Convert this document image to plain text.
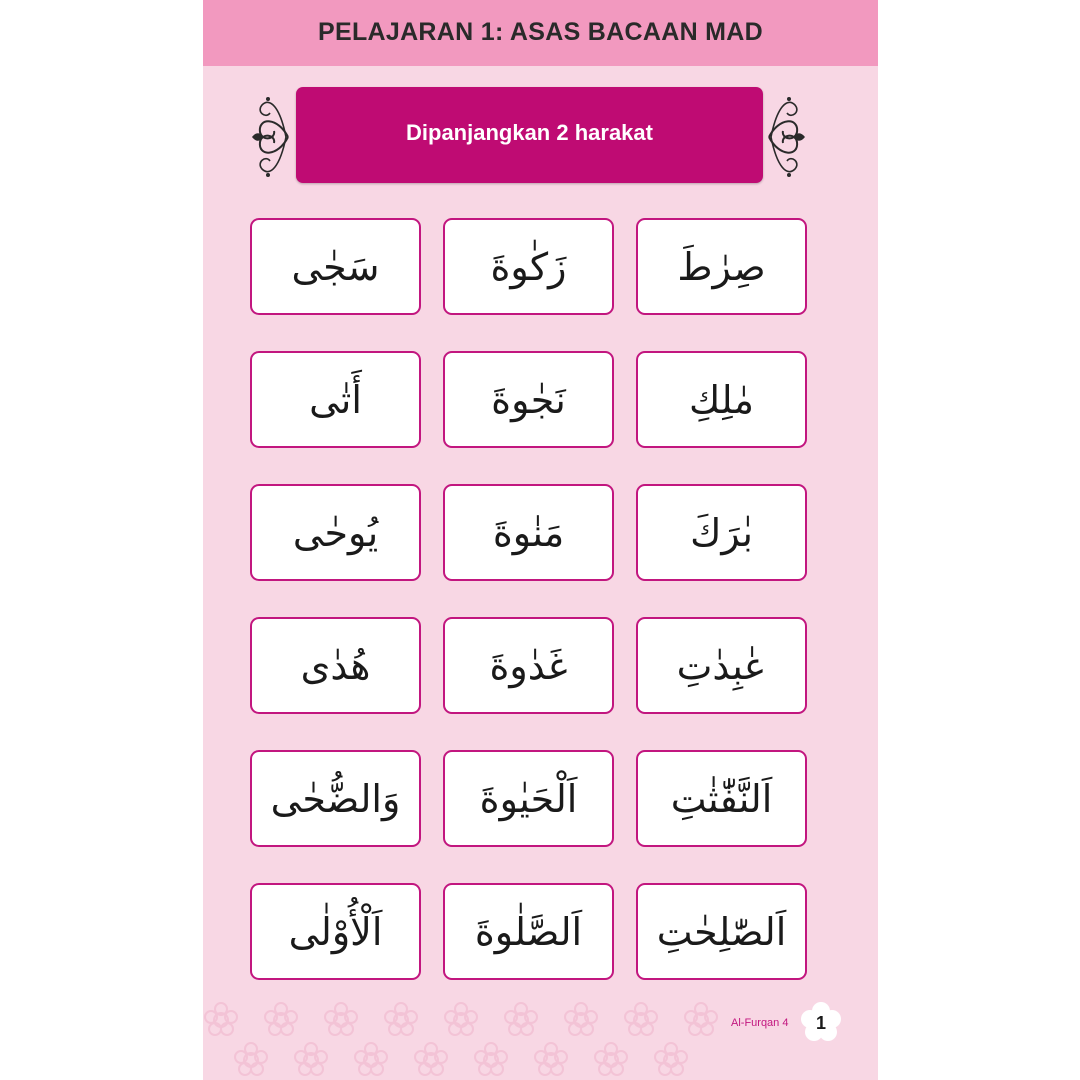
PELAJARAN 1: ASAS BACAAN MAD
Dipanjangkan 2 harakat
سَجٰى	زَكٰوةَ	صِرٰطَ
أَتٰى	نَجٰوةَ	مٰلِكِ
يُوحٰى	مَنٰوةَ	بٰرَكَ
هُدٰى	غَدٰوةَ	عٰبِدٰتِ
وَالضُّحٰى	اَلْحَيٰوةَ	اَلنَّفّٰثٰتِ
اَلْأُوْلٰى	اَلصَّلٰوةَ	اَلصّٰلِحٰتِ
Al-Furqan 4	1
